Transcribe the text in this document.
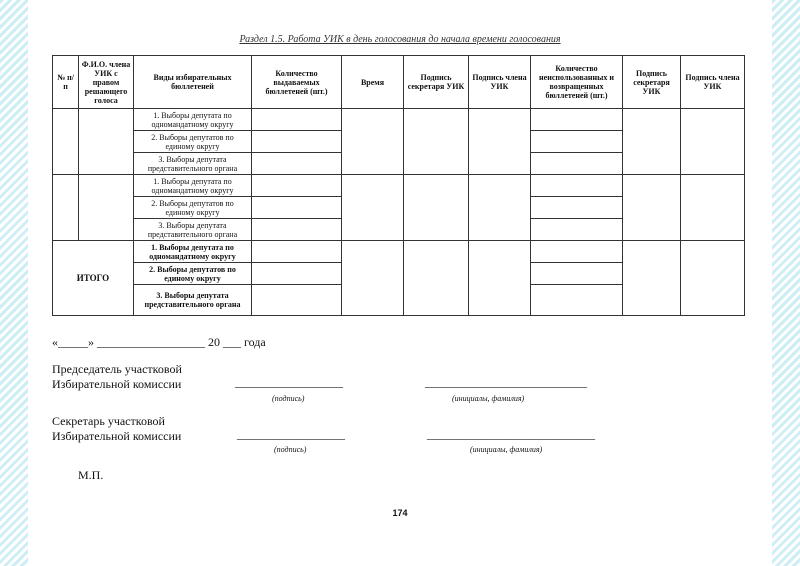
Раздел 1.5. Работа УИК в день голосования до начала времени голосования
№ п/п	Ф.И.О. члена УИК с правом решающего голоса	Виды избирательных бюллетеней	Количество выдаваемых бюллетеней (шт.)	Время	Подпись секретаря УИК	Подпись члена УИК	Количество неиспользованных и возвращенных бюллетеней (шт.)	Подпись секретаря УИК	Подпись члена УИК
		1. Выборы депутата по одномандатному округу							
		2. Выборы депутатов по единому округу							
		3. Выборы депутата представительного органа							
		1. Выборы депутата по одномандатному округу							
		2. Выборы депутатов по единому округу							
		3. Выборы депутата представительного органа							
ИТОГО		1. Выборы депутата по одномандатному округу							
		2. Выборы депутатов по единому округу							
		3. Выборы депутата представительного органа							
«_____» __________________ 20 ___ года
Председатель участковой
Избирательной комиссии	__________________	___________________________
(подпись)	(инициалы, фамилия)
Секретарь участковой
Избирательной комиссии	__________________	____________________________
(подпись)	(инициалы, фамилия)
М.П.
174
